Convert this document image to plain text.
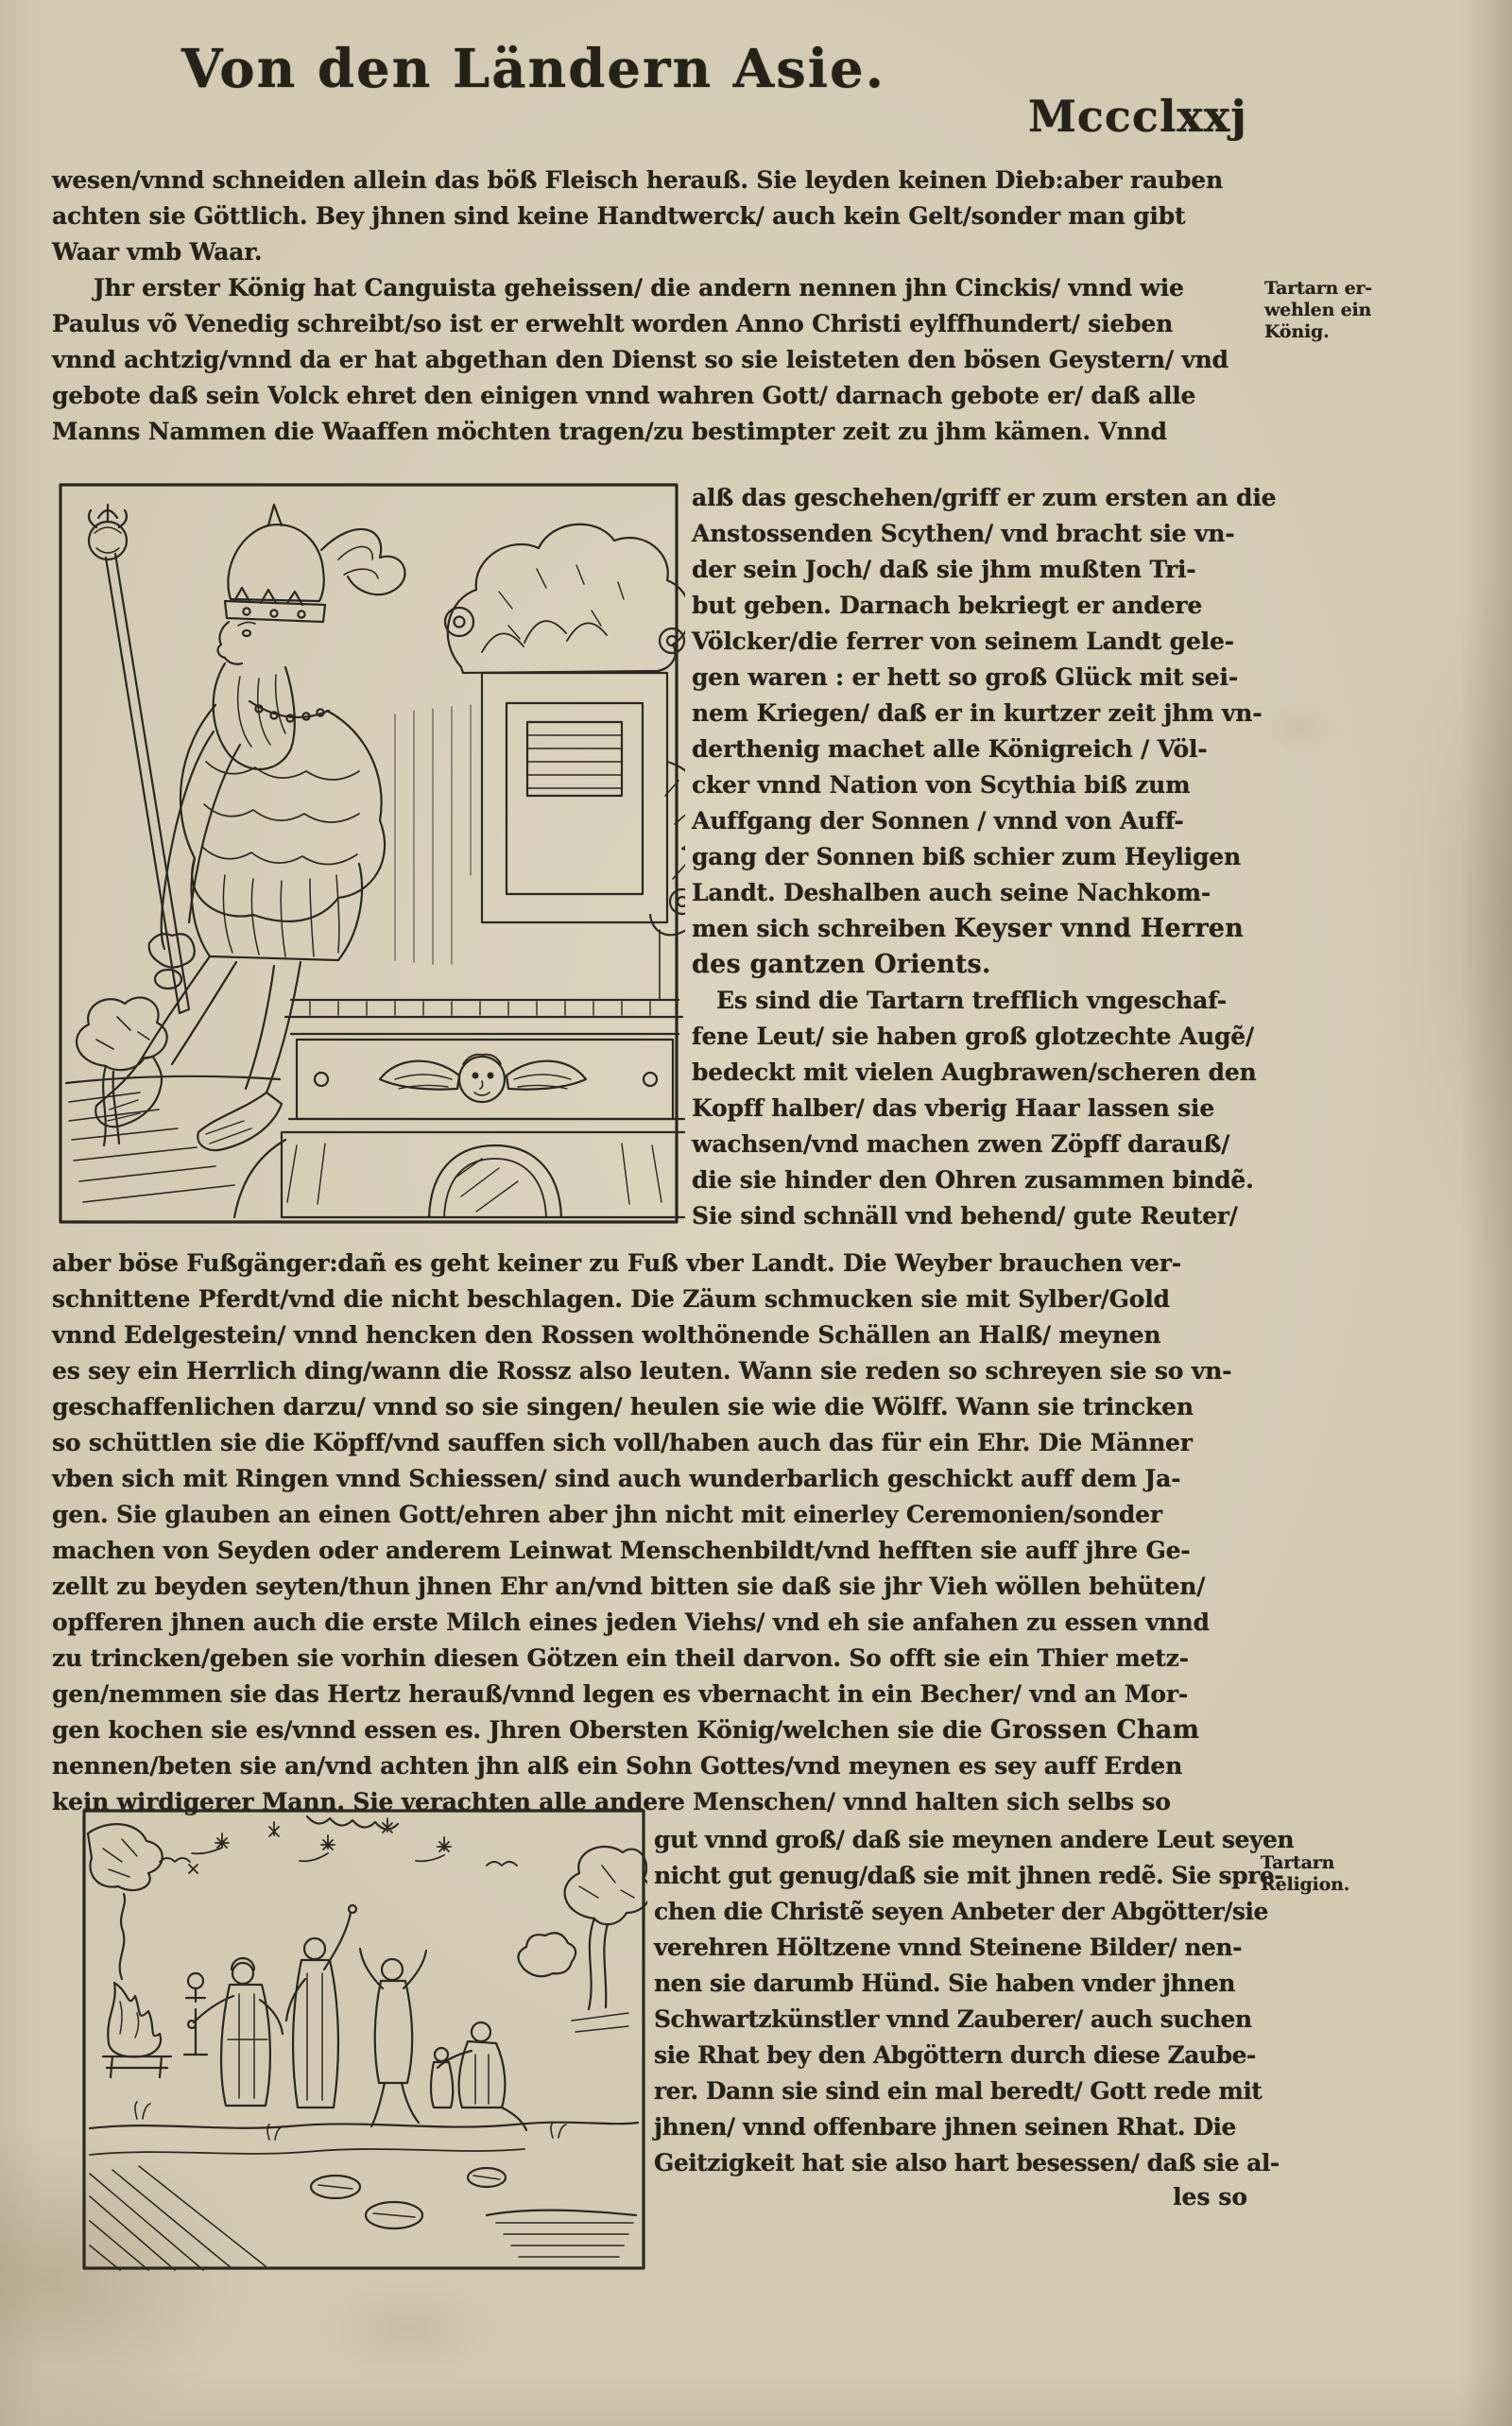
Von den Ländern Asie.
Mccclxxj
wesen/vnnd schneiden allein das böß Fleisch herauß. Sie leyden keinen Dieb:aber rauben
achten sie Göttlich. Bey jhnen sind keine Handtwerck/ auch kein Gelt/sonder man gibt
Waar vmb Waar.
Jhr erster König hat Canguista geheissen/ die andern nennen jhn Cinckis/ vnnd wie
Paulus võ Venedig schreibt/so ist er erwehlt worden Anno Christi eylffhundert/ sieben
vnnd achtzig/vnnd da er hat abgethan den Dienst so sie leisteten den bösen Geystern/ vnd
gebote daß sein Volck ehret den einigen vnnd wahren Gott/ darnach gebote er/ daß alle
Manns Nammen die Waaffen möchten tragen/zu bestimpter zeit zu jhm kämen. Vnnd
Tartarn er-
wehlen ein
König.
alß das geschehen/griff er zum ersten an die
Anstossenden Scythen/ vnd bracht sie vn-
der sein Joch/ daß sie jhm mußten Tri-
but geben. Darnach bekriegt er andere
Völcker/die ferrer von seinem Landt gele-
gen waren : er hett so groß Glück mit sei-
nem Kriegen/ daß er in kurtzer zeit jhm vn-
derthenig machet alle Königreich / Völ-
cker vnnd Nation von Scythia biß zum
Auffgang der Sonnen / vnnd von Auff-
gang der Sonnen biß schier zum Heyligen
Landt. Deshalben auch seine Nachkom-
men sich schreiben Keyser vnnd Herren
des gantzen Orients.
Es sind die Tartarn trefflich vngeschaf-
fene Leut/ sie haben groß glotzechte Augẽ/
bedeckt mit vielen Augbrawen/scheren den
Kopff halber/ das vberig Haar lassen sie
wachsen/vnd machen zwen Zöpff darauß/
die sie hinder den Ohren zusammen bindẽ.
Sie sind schnäll vnd behend/ gute Reuter/
aber böse Fußgänger:dañ es geht keiner zu Fuß vber Landt. Die Weyber brauchen ver-
schnittene Pferdt/vnd die nicht beschlagen. Die Zäum schmucken sie mit Sylber/Gold
vnnd Edelgestein/ vnnd hencken den Rossen wolthönende Schällen an Halß/ meynen
es sey ein Herrlich ding/wann die Rossz also leuten. Wann sie reden so schreyen sie so vn-
geschaffenlichen darzu/ vnnd so sie singen/ heulen sie wie die Wölff. Wann sie trincken
so schüttlen sie die Köpff/vnd sauffen sich voll/haben auch das für ein Ehr. Die Männer
vben sich mit Ringen vnnd Schiessen/ sind auch wunderbarlich geschickt auff dem Ja-
gen. Sie glauben an einen Gott/ehren aber jhn nicht mit einerley Ceremonien/sonder
machen von Seyden oder anderem Leinwat Menschenbildt/vnd hefften sie auff jhre Ge-
zellt zu beyden seyten/thun jhnen Ehr an/vnd bitten sie daß sie jhr Vieh wöllen behüten/
opfferen jhnen auch die erste Milch eines jeden Viehs/ vnd eh sie anfahen zu essen vnnd
zu trincken/geben sie vorhin diesen Götzen ein theil darvon. So offt sie ein Thier metz-
gen/nemmen sie das Hertz herauß/vnnd legen es vbernacht in ein Becher/ vnd an Mor-
gen kochen sie es/vnnd essen es. Jhren Obersten König/welchen sie die Grossen Cham
nennen/beten sie an/vnd achten jhn alß ein Sohn Gottes/vnd meynen es sey auff Erden
kein wirdigerer Mann. Sie verachten alle andere Menschen/ vnnd halten sich selbs so
gut vnnd groß/ daß sie meynen andere Leut seyen
nicht gut genug/daß sie mit jhnen redẽ. Sie spre-
chen die Christẽ seyen Anbeter der Abgötter/sie
verehren Höltzene vnnd Steinene Bilder/ nen-
nen sie darumb Hünd. Sie haben vnder jhnen
Schwartzkünstler vnnd Zauberer/ auch suchen
sie Rhat bey den Abgöttern durch diese Zaube-
rer. Dann sie sind ein mal beredt/ Gott rede mit
jhnen/ vnnd offenbare jhnen seinen Rhat. Die
Geitzigkeit hat sie also hart besessen/ daß sie al-
Tartarn
Religion.
les so
